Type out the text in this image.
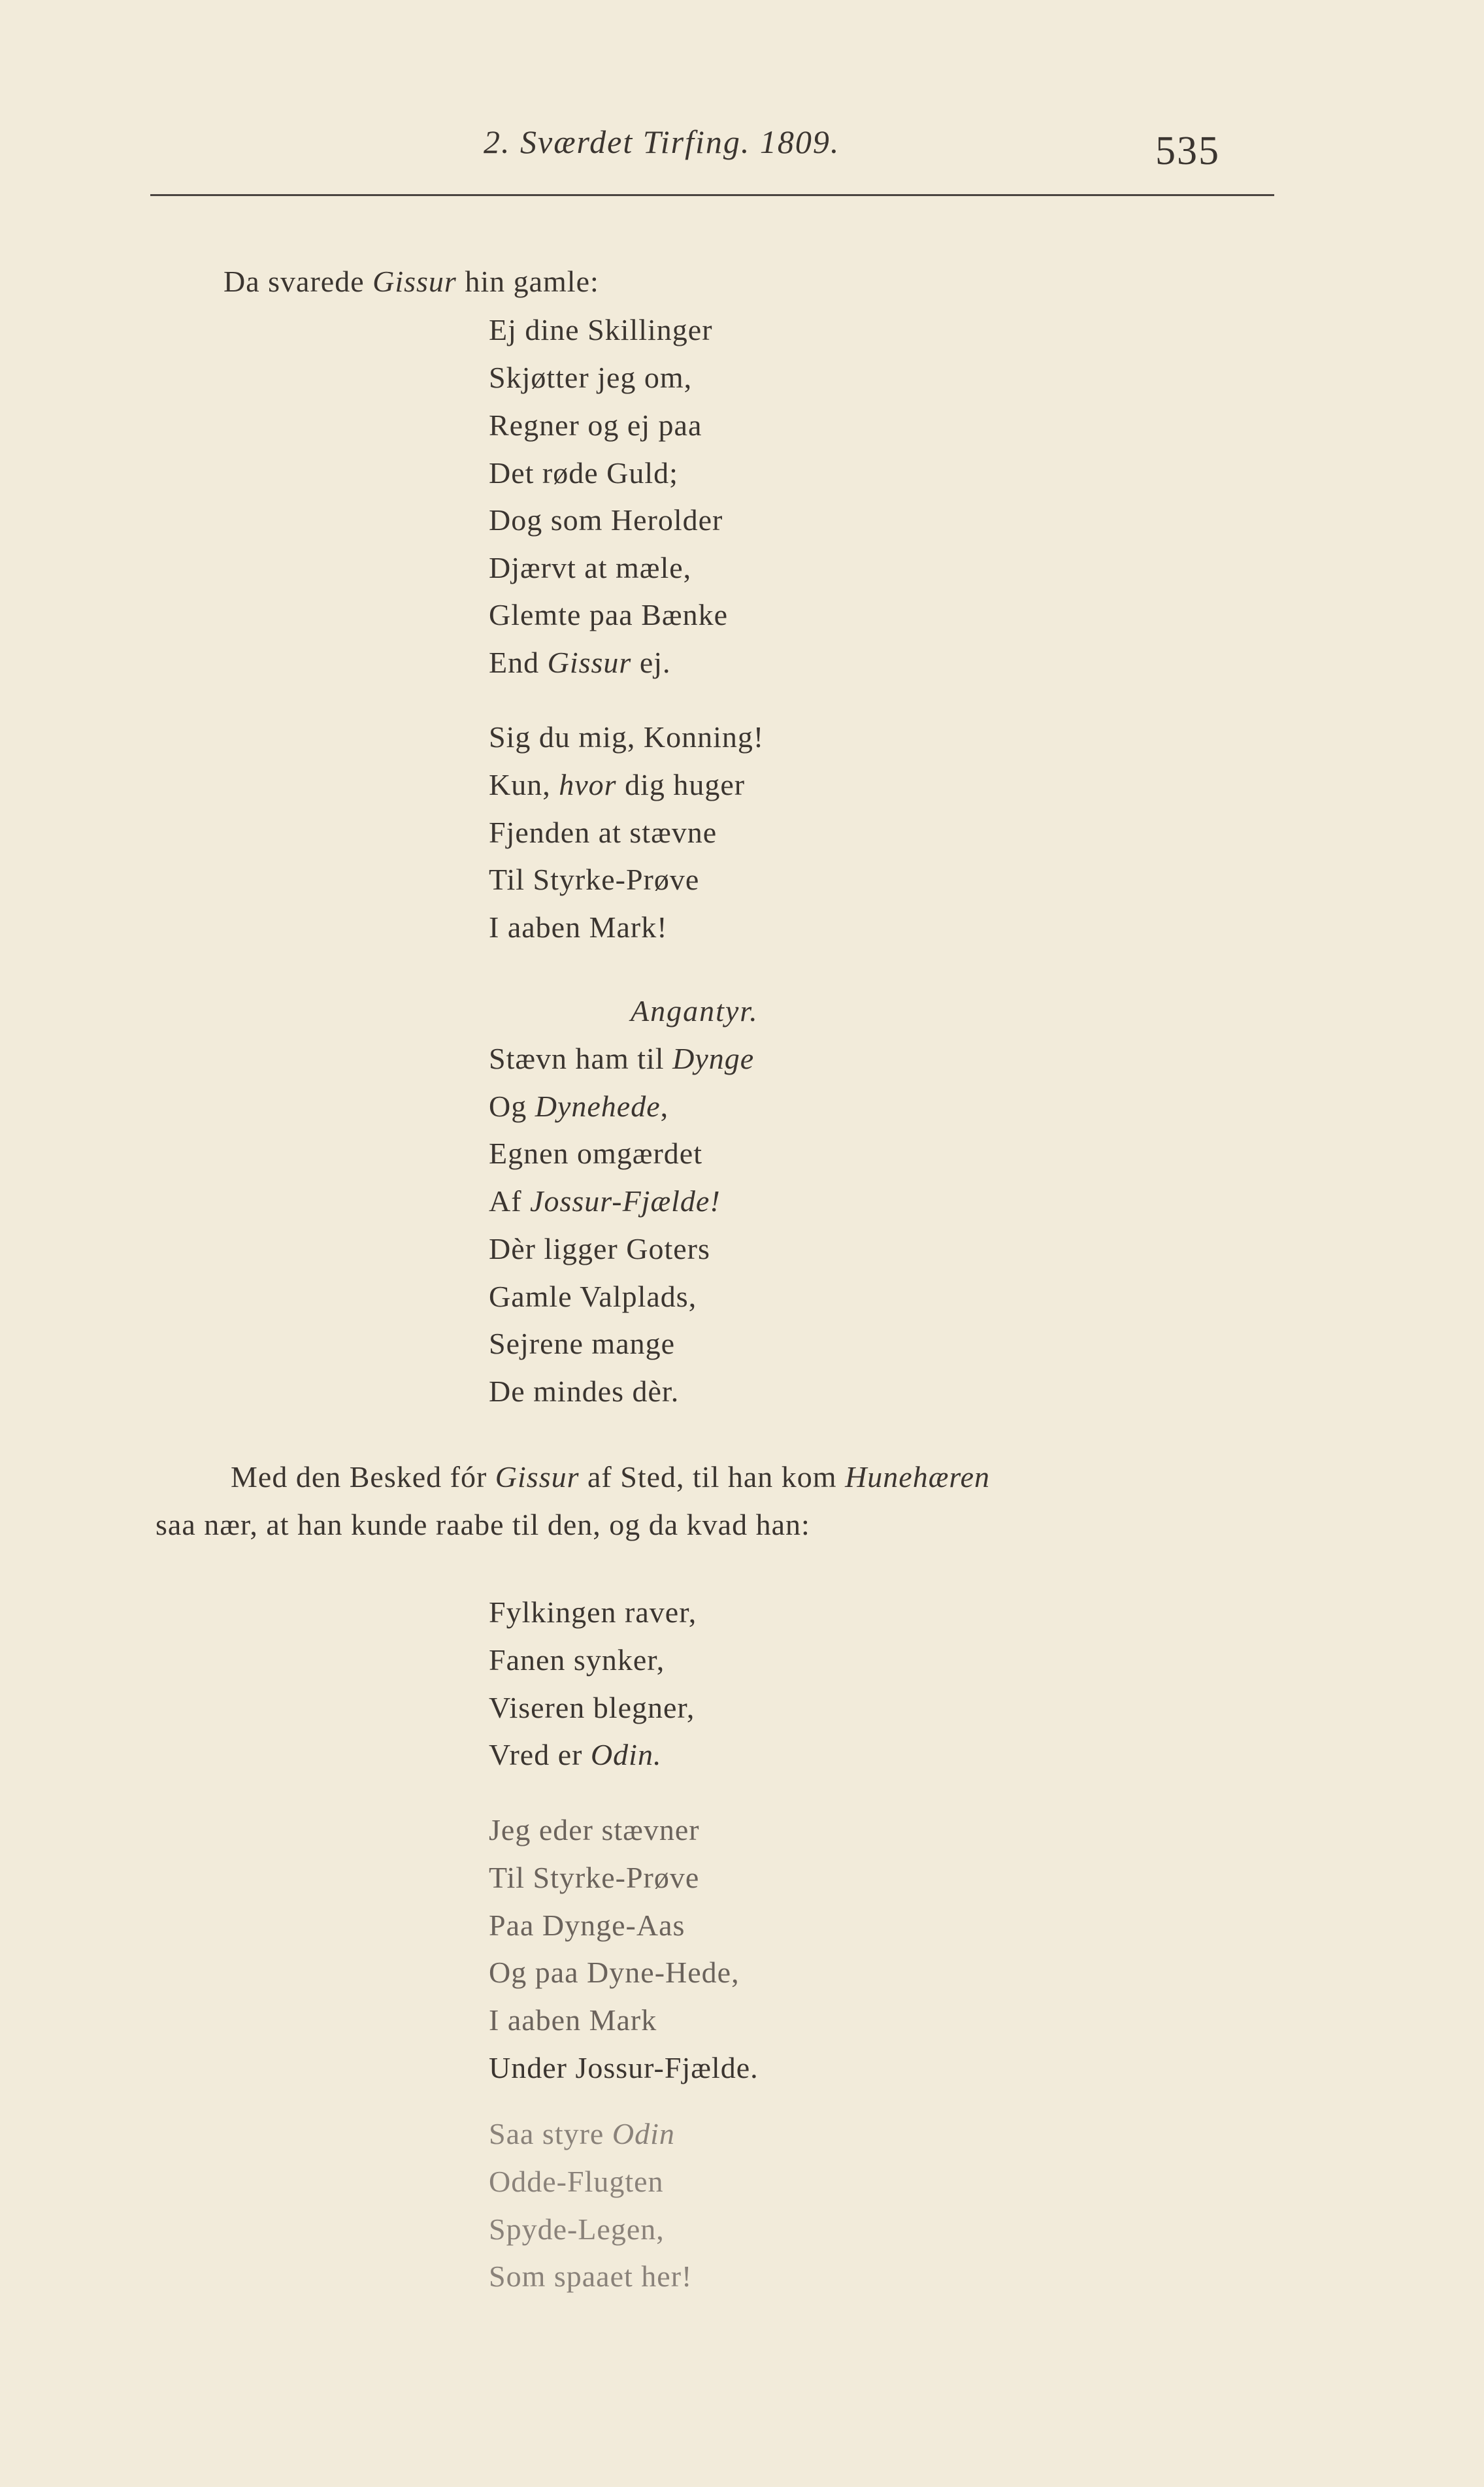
2. Sværdet Tirfing. 1809.	535
Da svarede Gissur hin gamle:
Ej dine Skillinger
Skjøtter jeg om,
Regner og ej paa
Det røde Guld;
Dog som Herolder
Djærvt at mæle,
Glemte paa Bænke
End Gissur ej.
Sig du mig, Konning!
Kun, hvor dig huger
Fjenden at stævne
Til Styrke-Prøve
I aaben Mark!
Angantyr.
Stævn ham til Dynge
Og Dynehede,
Egnen omgærdet
Af Jossur-Fjælde!
Dèr ligger Goters
Gamle Valplads,
Sejrene mange
De mindes dèr.
Med den Besked fór Gissur af Sted, til han kom Hunehæren
saa nær, at han kunde raabe til den, og da kvad han:
Fylkingen raver,
Fanen synker,
Viseren blegner,
Vred er Odin.
Jeg eder stævner
Til Styrke-Prøve
Paa Dynge-Aas
Og paa Dyne-Hede,
I aaben Mark
Under Jossur-Fjælde.
Saa styre Odin
Odde-Flugten
Spyde-Legen,
Som spaaet her!
